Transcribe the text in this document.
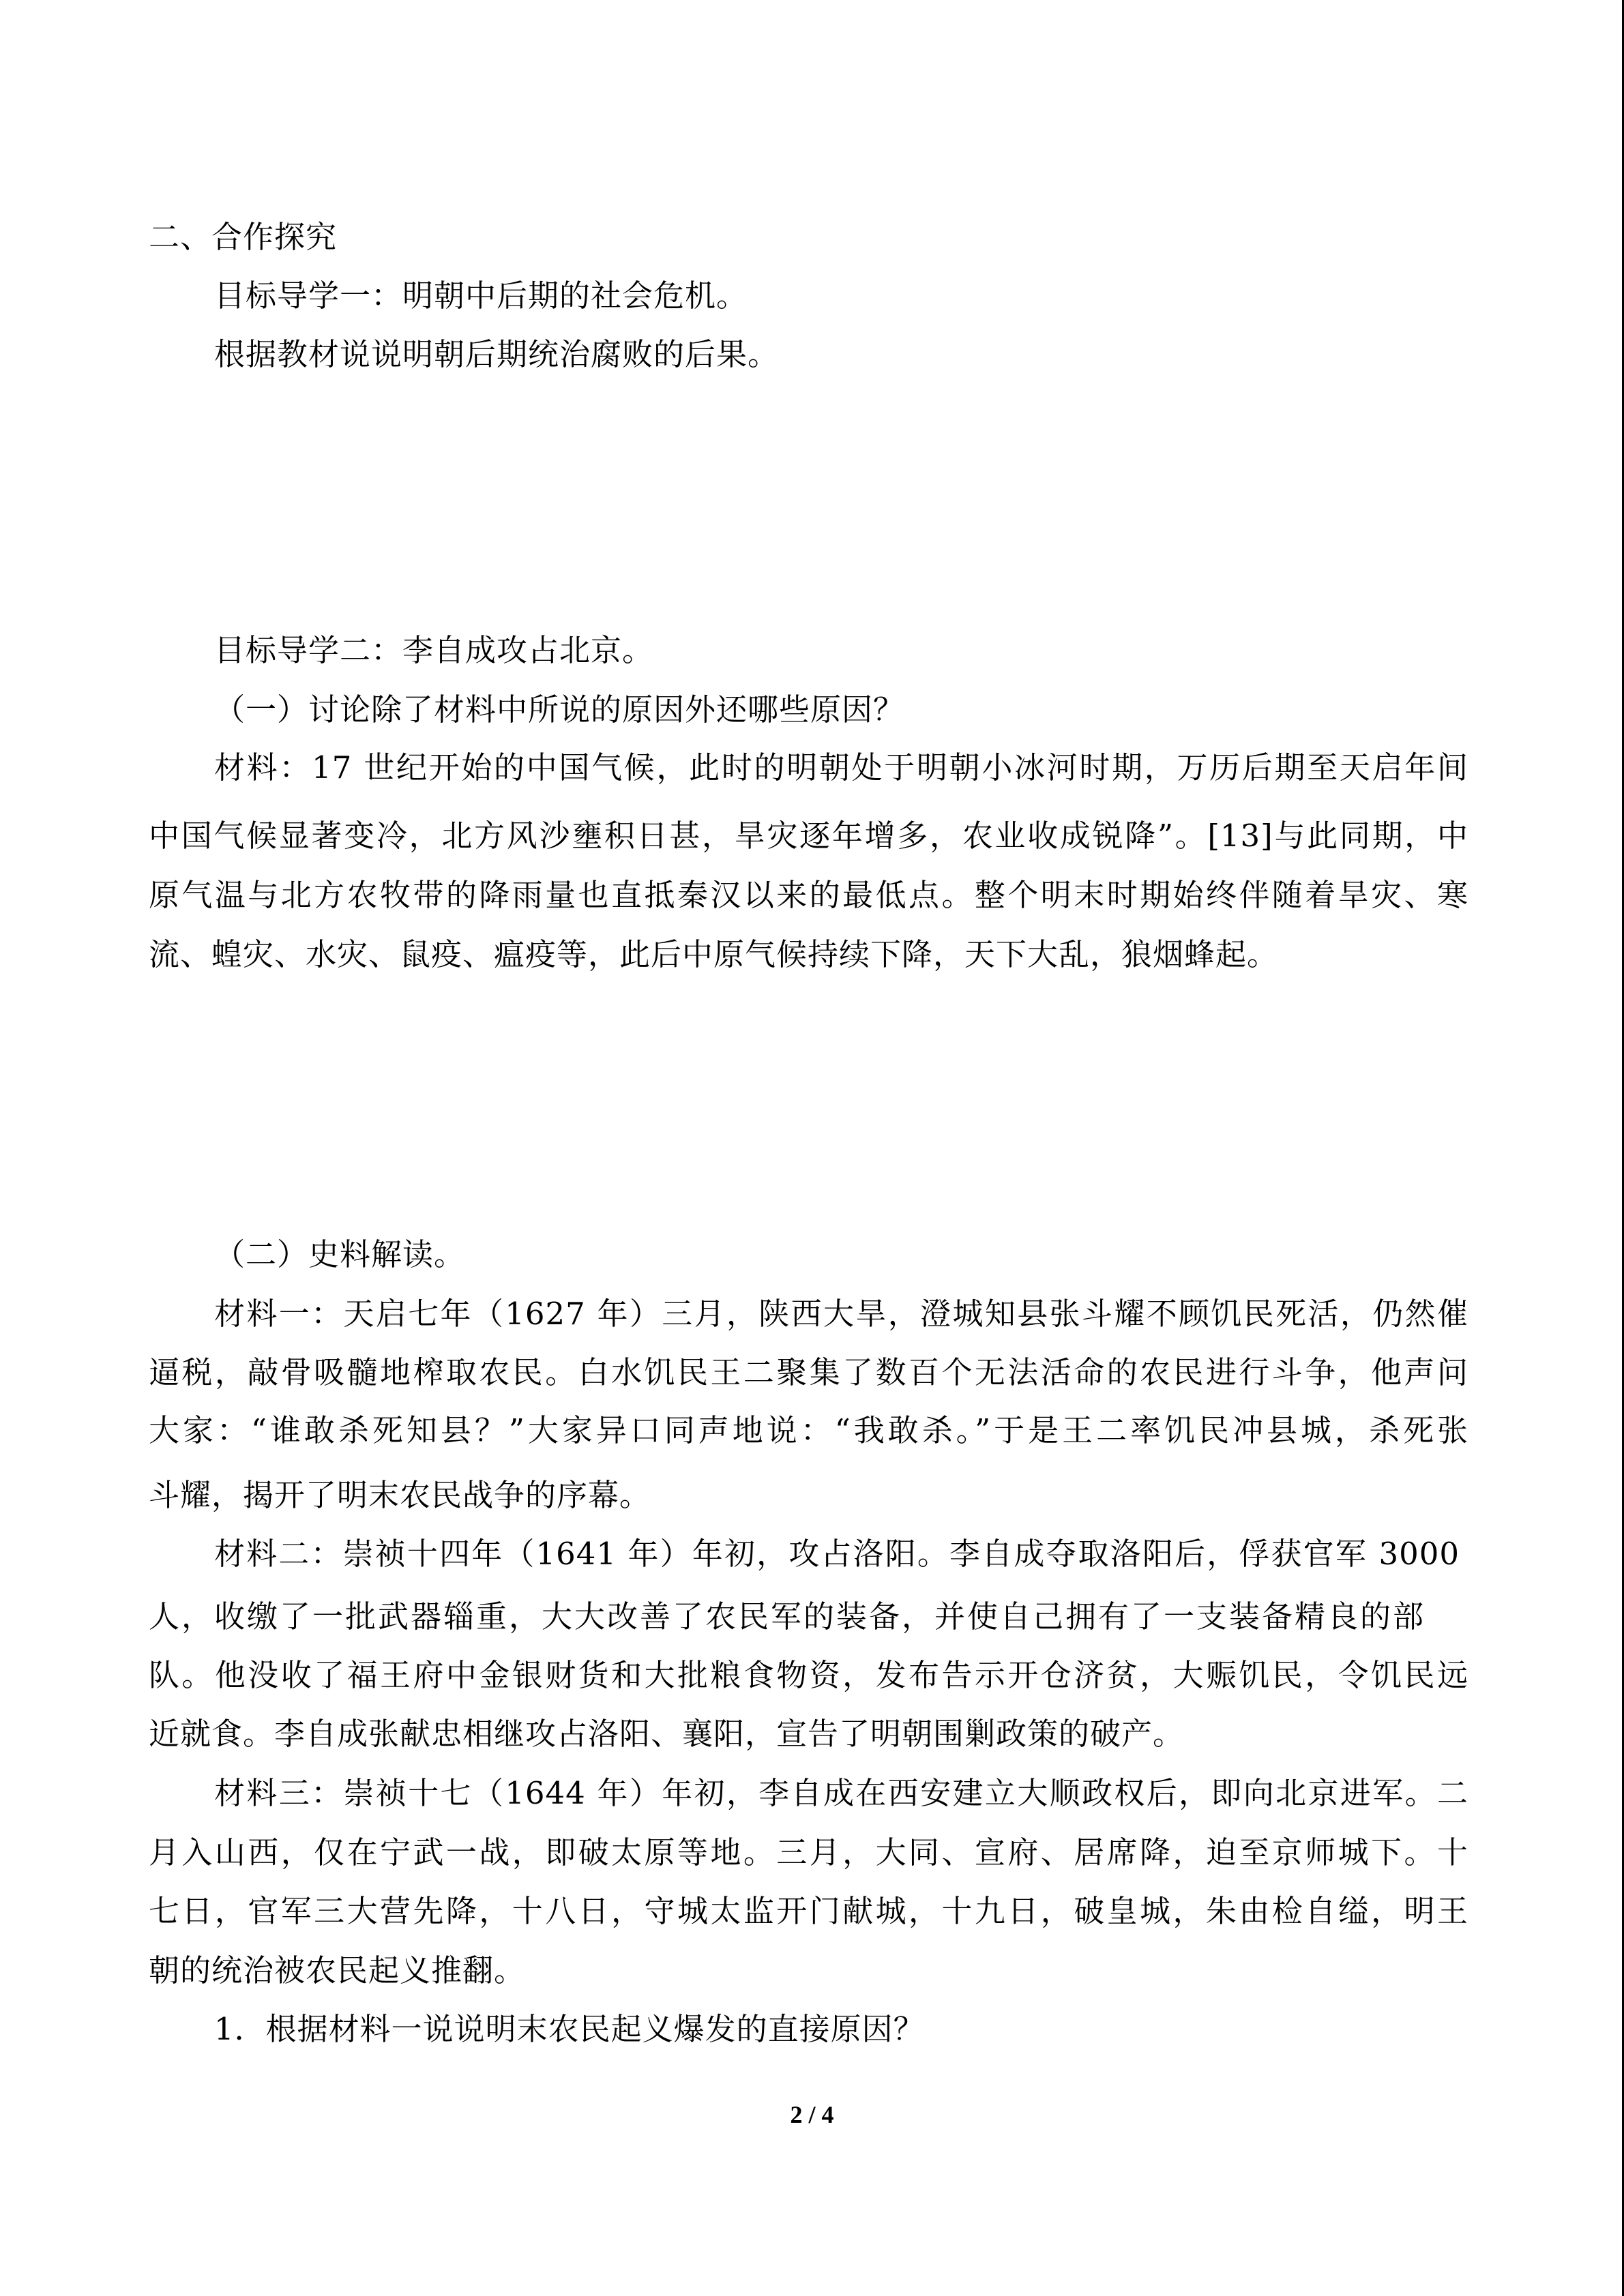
二、合作探究

目标导学一：明朝中后期的社会危机。

根据教材说说明朝后期统治腐败的后果。

目标导学二：李自成攻占北京。

（一）讨论除了材料中所说的原因外还哪些原因？

材料：17 世纪开始的中国气候，此时的明朝处于明朝小冰河时期，万历后期至天启年间

中国气候显著变冷，北方风沙壅积日甚，旱灾逐年增多，农业收成锐降”。[13]与此同期，中

原气温与北方农牧带的降雨量也直抵秦汉以来的最低点。整个明末时期始终伴随着旱灾、寒

流、蝗灾、水灾、鼠疫、瘟疫等，此后中原气候持续下降，天下大乱，狼烟蜂起。

（二）史料解读。

材料一：天启七年（1627 年）三月，陕西大旱，澄城知县张斗耀不顾饥民死活，仍然催

逼税，敲骨吸髓地榨取农民。白水饥民王二聚集了数百个无法活命的农民进行斗争，他声问

大家：“谁敢杀死知县？”大家异口同声地说：“我敢杀。”于是王二率饥民冲县城，杀死张

斗耀，揭开了明末农民战争的序幕。

材料二：崇祯十四年（1641 年）年初，攻占洛阳。李自成夺取洛阳后，俘获官军 3000

人，收缴了一批武器辎重，大大改善了农民军的装备，并使自己拥有了一支装备精良的部

队。他没收了福王府中金银财货和大批粮食物资，发布告示开仓济贫，大赈饥民，令饥民远

近就食。李自成张献忠相继攻占洛阳、襄阳，宣告了明朝围剿政策的破产。

材料三：崇祯十七（1644 年）年初，李自成在西安建立大顺政权后，即向北京进军。二

月入山西，仅在宁武一战，即破太原等地。三月，大同、宣府、居席降，迫至京师城下。十

七日，官军三大营先降，十八日，守城太监开门献城，十九日，破皇城，朱由检自缢，明王

朝的统治被农民起义推翻。

1．根据材料一说说明末农民起义爆发的直接原因？

2 / 4
